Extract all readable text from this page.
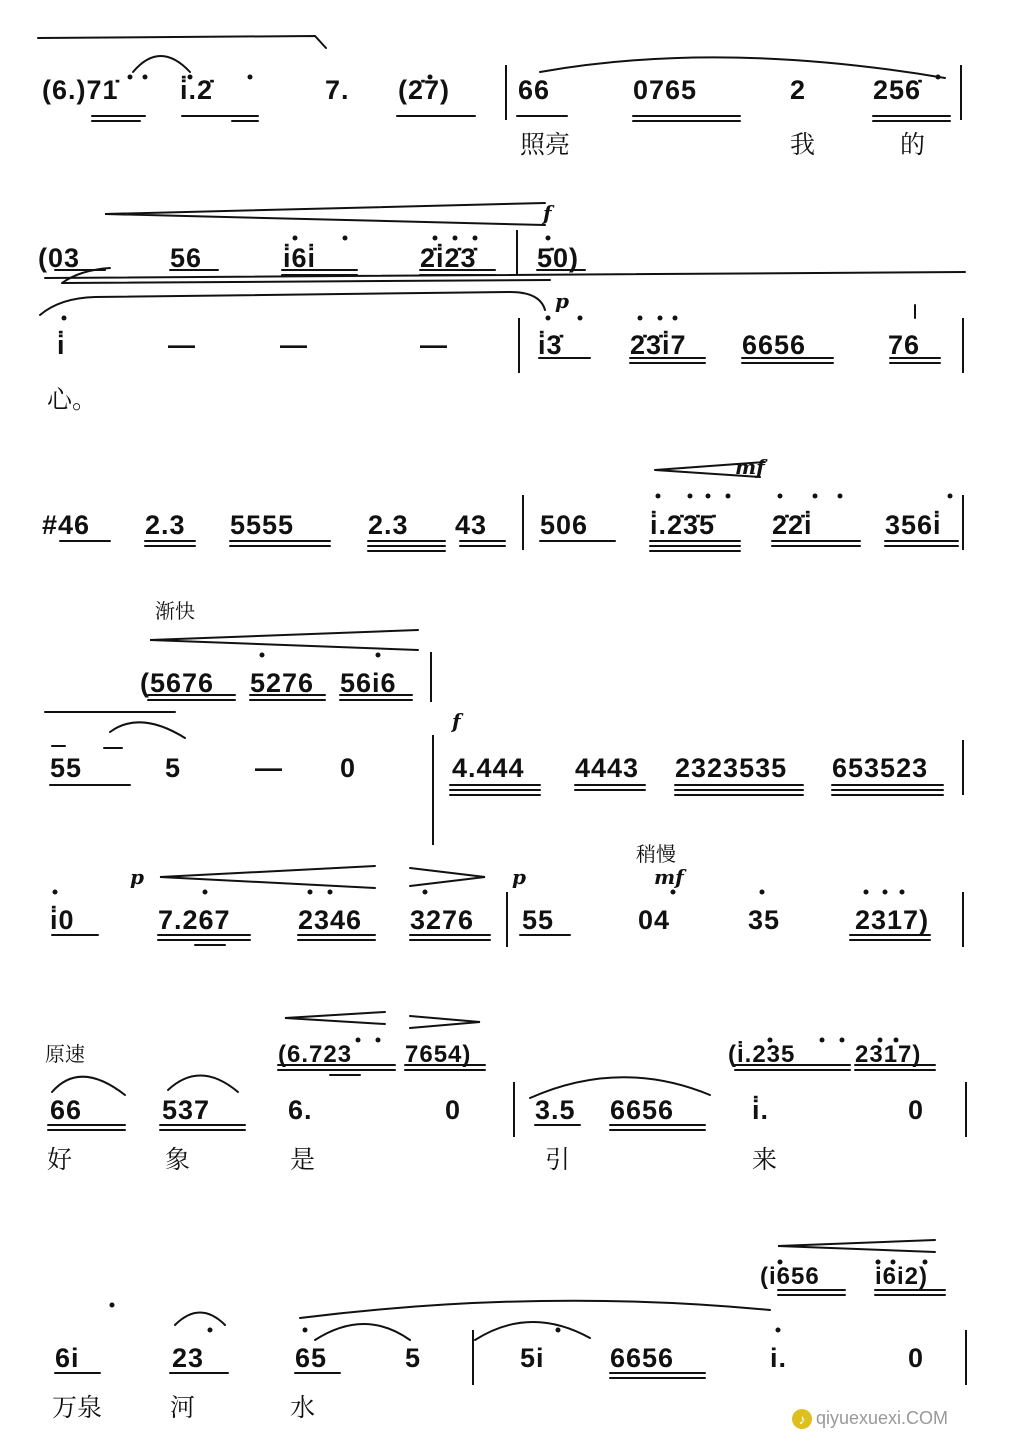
(6.)71̇ i̇.2̇	7. (2̇7)	66	0765	2 256̇
照亮	我	的
f
(03	56	i̇6i̇	2̇i̇2̇3̇ 5̇0)
p
i̇	—	—	—	i̇3̇ 2̇3̇i̇7 6656	76
心。
mf
#46 2.3 5555	2.3 43 506 i̇.2̇3̇5̇ 2̇2̇i̇	356i̇
渐快
(5676 5276 56i6
f
55	5	— 0	4.444 4443 2323535 653523
稍慢
p	p	mf
i̇0	7.267 2346 3276 55	04	35	2317)
原速	(6.723 7654)	(i̇.235 2317)
66	537	6.	0	3.5 6656	i̇.	0
好	象	是	引	来
(i656 i6i2)
6i	23	65	5	5i 6656	i.	0
万泉	河	水	♪ qiyuexuexi.COM
